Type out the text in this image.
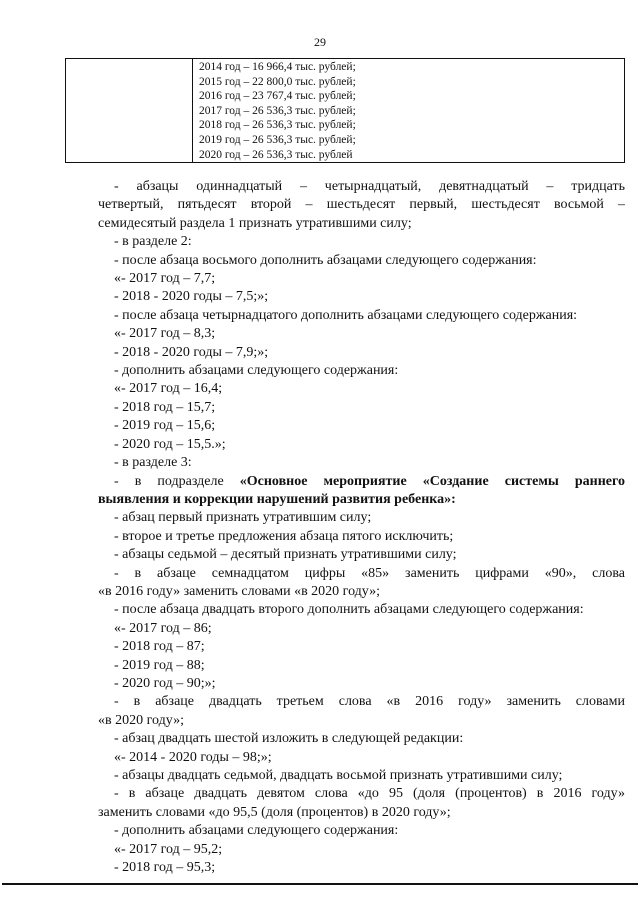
29

2014 год – 16 966,4 тыс. рублей;
2015 год – 22 800,0 тыс. рублей;
2016 год – 23 767,4 тыс. рублей;
2017 год – 26 536,3 тыс. рублей;
2018 год – 26 536,3 тыс. рублей;
2019 год – 26 536,3 тыс. рублей;
2020 год – 26 536,3 тыс. рублей
- абзацы одиннадцатый – четырнадцатый, девятнадцатый – тридцать
четвертый, пятьдесят второй – шестьдесят первый, шестьдесят восьмой –
семидесятый раздела 1 признать утратившими силу;
- в разделе 2:
- после абзаца восьмого дополнить абзацами следующего содержания:
«- 2017 год – 7,7;
- 2018 - 2020 годы – 7,5;»;
- после абзаца четырнадцатого дополнить абзацами следующего содержания:
«- 2017 год – 8,3;
- 2018 - 2020 годы – 7,9;»;
- дополнить абзацами следующего содержания:
«- 2017 год – 16,4;
- 2018 год – 15,7;
- 2019 год – 15,6;
- 2020 год – 15,5.»;
- в разделе 3:
- в подразделе «Основное мероприятие «Создание системы раннего
выявления и коррекции нарушений развития ребенка»:
- абзац первый признать утратившим силу;
- второе и третье предложения абзаца пятого исключить;
- абзацы седьмой – десятый признать утратившими силу;
- в абзаце семнадцатом цифры «85» заменить цифрами «90», слова
«в 2016 году» заменить словами «в 2020 году»;
- после абзаца двадцать второго дополнить абзацами следующего содержания:
«- 2017 год – 86;
- 2018 год – 87;
- 2019 год – 88;
- 2020 год – 90;»;
- в абзаце двадцать третьем слова «в 2016 году» заменить словами
«в 2020 году»;
- абзац двадцать шестой изложить в следующей редакции:
«- 2014 - 2020 годы – 98;»;
- абзацы двадцать седьмой, двадцать восьмой признать утратившими силу;
- в абзаце двадцать девятом слова «до 95 (доля (процентов) в 2016 году»
заменить словами «до 95,5 (доля (процентов) в 2020 году»;
- дополнить абзацами следующего содержания:
«- 2017 год – 95,2;
- 2018 год – 95,3;
